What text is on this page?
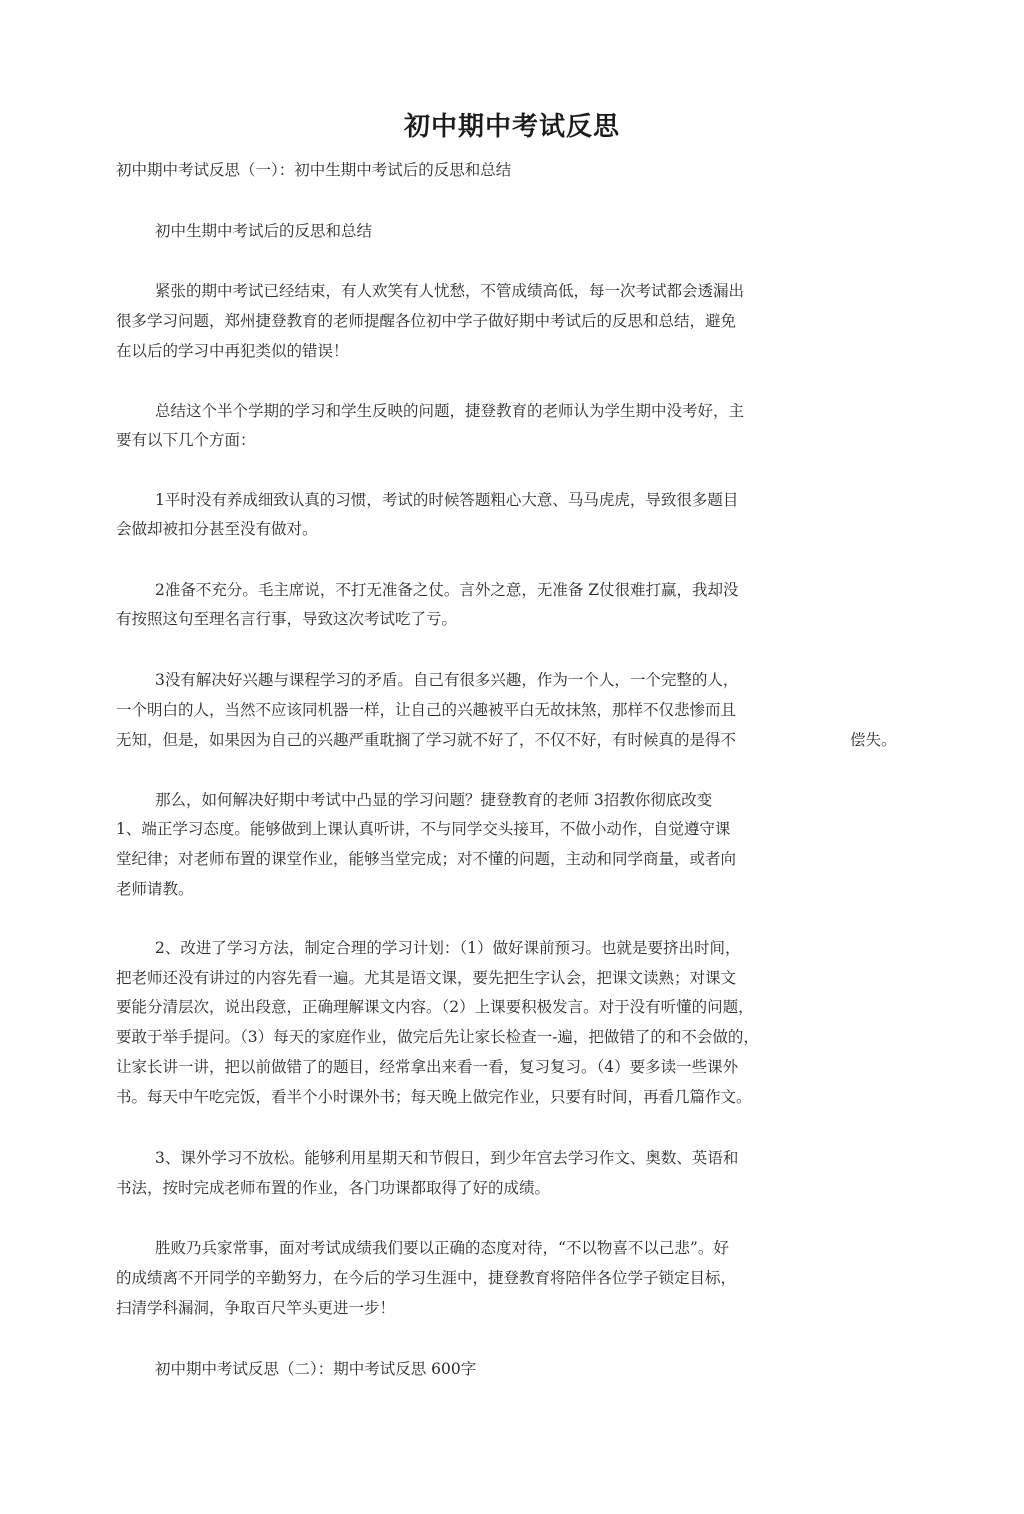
初中期中考试反思
初中期中考试反思（一）：初中生期中考试后的反思和总结
初中生期中考试后的反思和总结
紧张的期中考试已经结束，有人欢笑有人忧愁，不管成绩高低，每一次考试都会透漏出
很多学习问题，郑州捷登教育的老师提醒各位初中学子做好期中考试后的反思和总结，避免
在以后的学习中再犯类似的错误！
总结这个半个学期的学习和学生反映的问题，捷登教育的老师认为学生期中没考好，主
要有以下几个方面：
1平时没有养成细致认真的习惯，考试的时候答题粗心大意、马马虎虎，导致很多题目
会做却被扣分甚至没有做对。
2准备不充分。毛主席说，不打无准备之仗。言外之意，无准备 Z仗很难打赢，我却没
有按照这句至理名言行事，导致这次考试吃了亏。
3没有解决好兴趣与课程学习的矛盾。自己有很多兴趣，作为一个人，一个完整的人，
一个明白的人，当然不应该同机器一样，让自己的兴趣被平白无故抹煞，那样不仅悲惨而且
无知，但是，如果因为自己的兴趣严重耽搁了学习就不好了，不仅不好，有时候真的是得不	偿失。
那么，如何解决好期中考试中凸显的学习问题？捷登教育的老师 3招教你彻底改变
1、端正学习态度。能够做到上课认真听讲，不与同学交头接耳，不做小动作，自觉遵守课
堂纪律；对老师布置的课堂作业，能够当堂完成；对不懂的问题，主动和同学商量，或者向
老师请教。
2、改进了学习方法，制定合理的学习计划：（1）做好课前预习。也就是要挤出时间，
把老师还没有讲过的内容先看一遍。尤其是语文课，要先把生字认会，把课文读熟；对课文
要能分清层次，说出段意，正确理解课文内容。（2）上课要积极发言。对于没有听懂的问题，
要敢于举手提问。（3）每天的家庭作业，做完后先让家长检查一-遍，把做错了的和不会做的，
让家长讲一讲，把以前做错了的题目，经常拿出来看一看，复习复习。（4）要多读一些课外
书。每天中午吃完饭，看半个小时课外书；每天晚上做完作业，只要有时间，再看几篇作文。
3、课外学习不放松。能够利用星期天和节假日，到少年宫去学习作文、奥数、英语和
书法，按时完成老师布置的作业，各门功课都取得了好的成绩。
胜败乃兵家常事，面对考试成绩我们要以正确的态度对待，“不以物喜不以己悲”。好
的成绩离不开同学的辛勤努力，在今后的学习生涯中，捷登教育将陪伴各位学子锁定目标，
扫清学科漏洞，争取百尺竿头更进一步！
初中期中考试反思（二）：期中考试反思 600字
